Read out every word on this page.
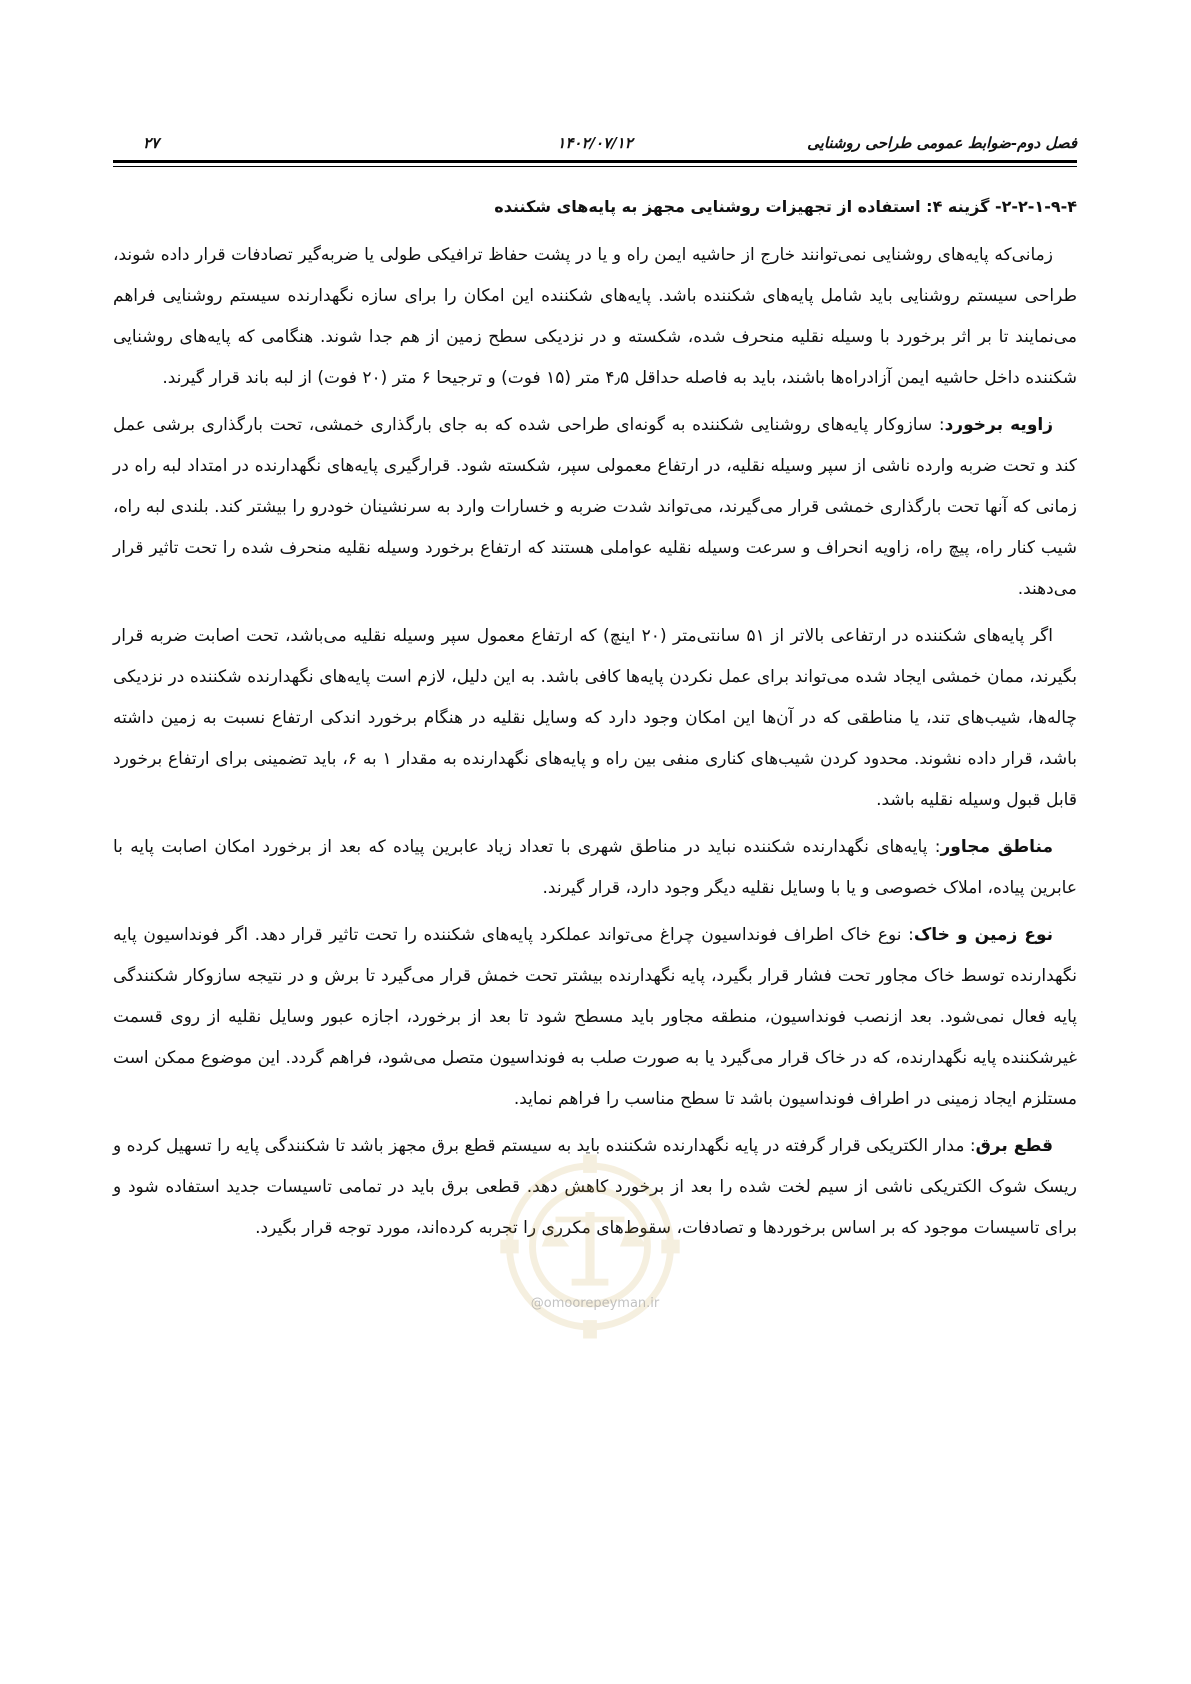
فصل دوم-ضوابط عمومی طراحی روشنایی
۱۴۰۲/۰۷/۱۲
۲۷
۲-۲-۱-۹-۴- گزینه ۴: استفاده از تجهیزات روشنایی مجهز به پایه‌های شکننده

زمانی‌که پایه‌های روشنایی نمی‌توانند خارج از حاشیه ایمن راه و یا در پشت حفاظ ترافیکی طولی یا ضربه‌گیر تصادفات قرار داده شوند، طراحی سیستم روشنایی باید شامل پایه‌های شکننده باشد. پایه‌های شکننده این امکان را برای سازه نگهدارنده سیستم روشنایی فراهم می‌نمایند تا بر اثر برخورد با وسیله نقلیه منحرف شده، شکسته و در نزدیکی سطح زمین از هم جدا شوند. هنگامی که پایه‌های روشنایی شکننده داخل حاشیه ایمن آزادراه‌ها باشند، باید به فاصله حداقل ۴٫۵ متر (۱۵ فوت) و ترجیحا ۶ متر (۲۰ فوت) از لبه باند قرار گیرند.

زاویه برخورد: سازوکار پایه‌های روشنایی شکننده به گونه‌ای طراحی شده که به جای بارگذاری خمشی، تحت بارگذاری برشی عمل کند و تحت ضربه وارده ناشی از سپر وسیله نقلیه، در ارتفاع معمولی سپر، شکسته شود. قرارگیری پایه‌های نگهدارنده در امتداد لبه راه در زمانی که آنها تحت بارگذاری خمشی قرار می‌گیرند، می‌تواند شدت ضربه و خسارات وارد به سرنشینان خودرو را بیشتر کند. بلندی لبه راه، شیب کنار راه، پیچ راه، زاویه انحراف و سرعت وسیله نقلیه عواملی هستند که ارتفاع برخورد وسیله نقلیه منحرف شده را تحت تاثیر قرار می‌دهند.

اگر پایه‌های شکننده در ارتفاعی بالاتر از ۵۱ سانتی‌متر (۲۰ اینچ) که ارتفاع معمول سپر وسیله نقلیه می‌باشد، تحت اصابت ضربه قرار بگیرند، ممان خمشی ایجاد شده می‌تواند برای عمل نکردن پایه‌ها کافی باشد. به این دلیل، لازم است پایه‌های نگهدارنده شکننده در نزدیکی چاله‌ها، شیب‌های تند، یا مناطقی که در آن‌ها این امکان وجود دارد که وسایل نقلیه در هنگام برخورد اندکی ارتفاع نسبت به زمین داشته باشد، قرار داده نشوند. محدود کردن شیب‌های کناری منفی بین راه و پایه‌های نگهدارنده به مقدار ۱ به ۶، باید تضمینی برای ارتفاع برخورد قابل قبول وسیله نقلیه باشد.

مناطق مجاور: پایه‌های نگهدارنده شکننده نباید در مناطق شهری با تعداد زیاد عابرین پیاده که بعد از برخورد امکان اصابت پایه با عابرین پیاده، املاک خصوصی و یا با وسایل نقلیه دیگر وجود دارد، قرار گیرند.

نوع زمین و خاک: نوع خاک اطراف فونداسیون چراغ می‌تواند عملکرد پایه‌های شکننده را تحت تاثیر قرار دهد. اگر فونداسیون پایه نگهدارنده توسط خاک مجاور تحت فشار قرار بگیرد، پایه نگهدارنده بیشتر تحت خمش قرار می‌گیرد تا برش و در نتیجه سازوکار شکنندگی پایه فعال نمی‌شود. بعد ازنصب فونداسیون، منطقه مجاور باید مسطح شود تا بعد از برخورد، اجازه عبور وسایل نقلیه از روی قسمت غیرشکننده پایه نگهدارنده، که در خاک قرار می‌گیرد یا به صورت صلب به فونداسیون متصل می‌شود، فراهم گردد. این موضوع ممکن است مستلزم ایجاد زمینی در اطراف فونداسیون باشد تا سطح مناسب را فراهم نماید.

قطع برق: مدار الکتریکی قرار گرفته در پایه نگهدارنده شکننده باید به سیستم قطع برق مجهز باشد تا شکنندگی پایه را تسهیل کرده و ریسک شوک الکتریکی ناشی از سیم لخت شده را بعد از برخورد کاهش دهد. قطعی برق باید در تمامی تاسیسات جدید استفاده شود و برای تاسیسات موجود که بر اساس برخوردها و تصادفات، سقوط‌های مکرری را تجربه کرده‌اند، مورد توجه قرار بگیرد.

@omoorepeyman.ir
